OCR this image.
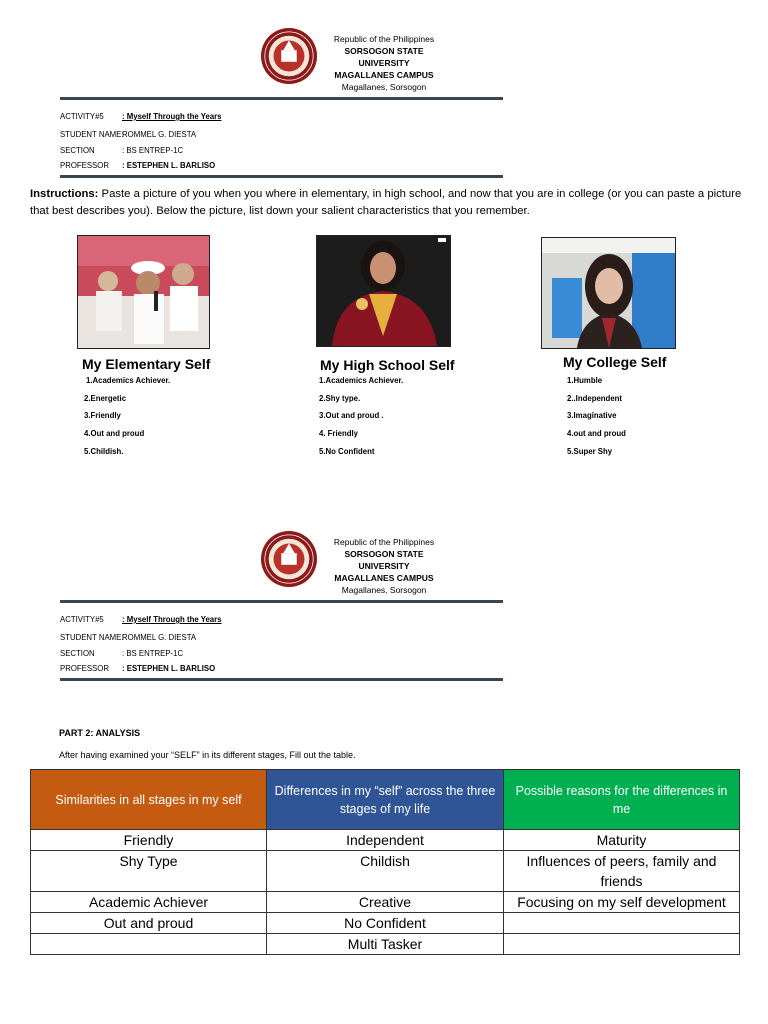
Republic of the Philippines
SORSOGON STATE UNIVERSITY
MAGALLANES CAMPUS
Magallanes, Sorsogon
ACTIVITY#5	: Myself Through the Years
STUDENT NAME:
ROMMEL G. DIESTA
SECTION	: BS ENTREP-1C
PROFESSOR	: ESTEPHEN L. BARLISO
Instructions: Paste a picture of you when you where in elementary, in high school, and now that you are in college (or you can paste a picture that best describes you). Below the picture, list down your salient characteristics that you remember.
My Elementary Self
1.Academics Achiever.
2.Energetic
3.Friendly
4.Out and proud
5.Childish.
My High School Self
1.Academics Achiever.
2.Shy type.
3.Out and proud .
4. Friendly
5.No Confident
My College Self
1.Humble
2..Independent
3.Imaginative
4.out and proud
5.Super Shy
Republic of the Philippines
SORSOGON STATE UNIVERSITY
MAGALLANES CAMPUS
Magallanes, Sorsogon
ACTIVITY#5	: Myself Through the Years
STUDENT NAME:
ROMMEL G. DIESTA
SECTION	: BS ENTREP-1C
PROFESSOR	: ESTEPHEN L. BARLISO
PART 2: ANALYSIS
After having examined your “SELF” in its different stages, Fill out the table.
Similarities in all stages in my self	Differences in my “self” across the three stages of my life	Possible reasons for the differences in me
Friendly	Independent	Maturity
Shy Type	Childish	Influences of peers, family and friends
Academic Achiever	Creative	Focusing on my self development
Out and proud	No Confident	
	Multi Tasker	
